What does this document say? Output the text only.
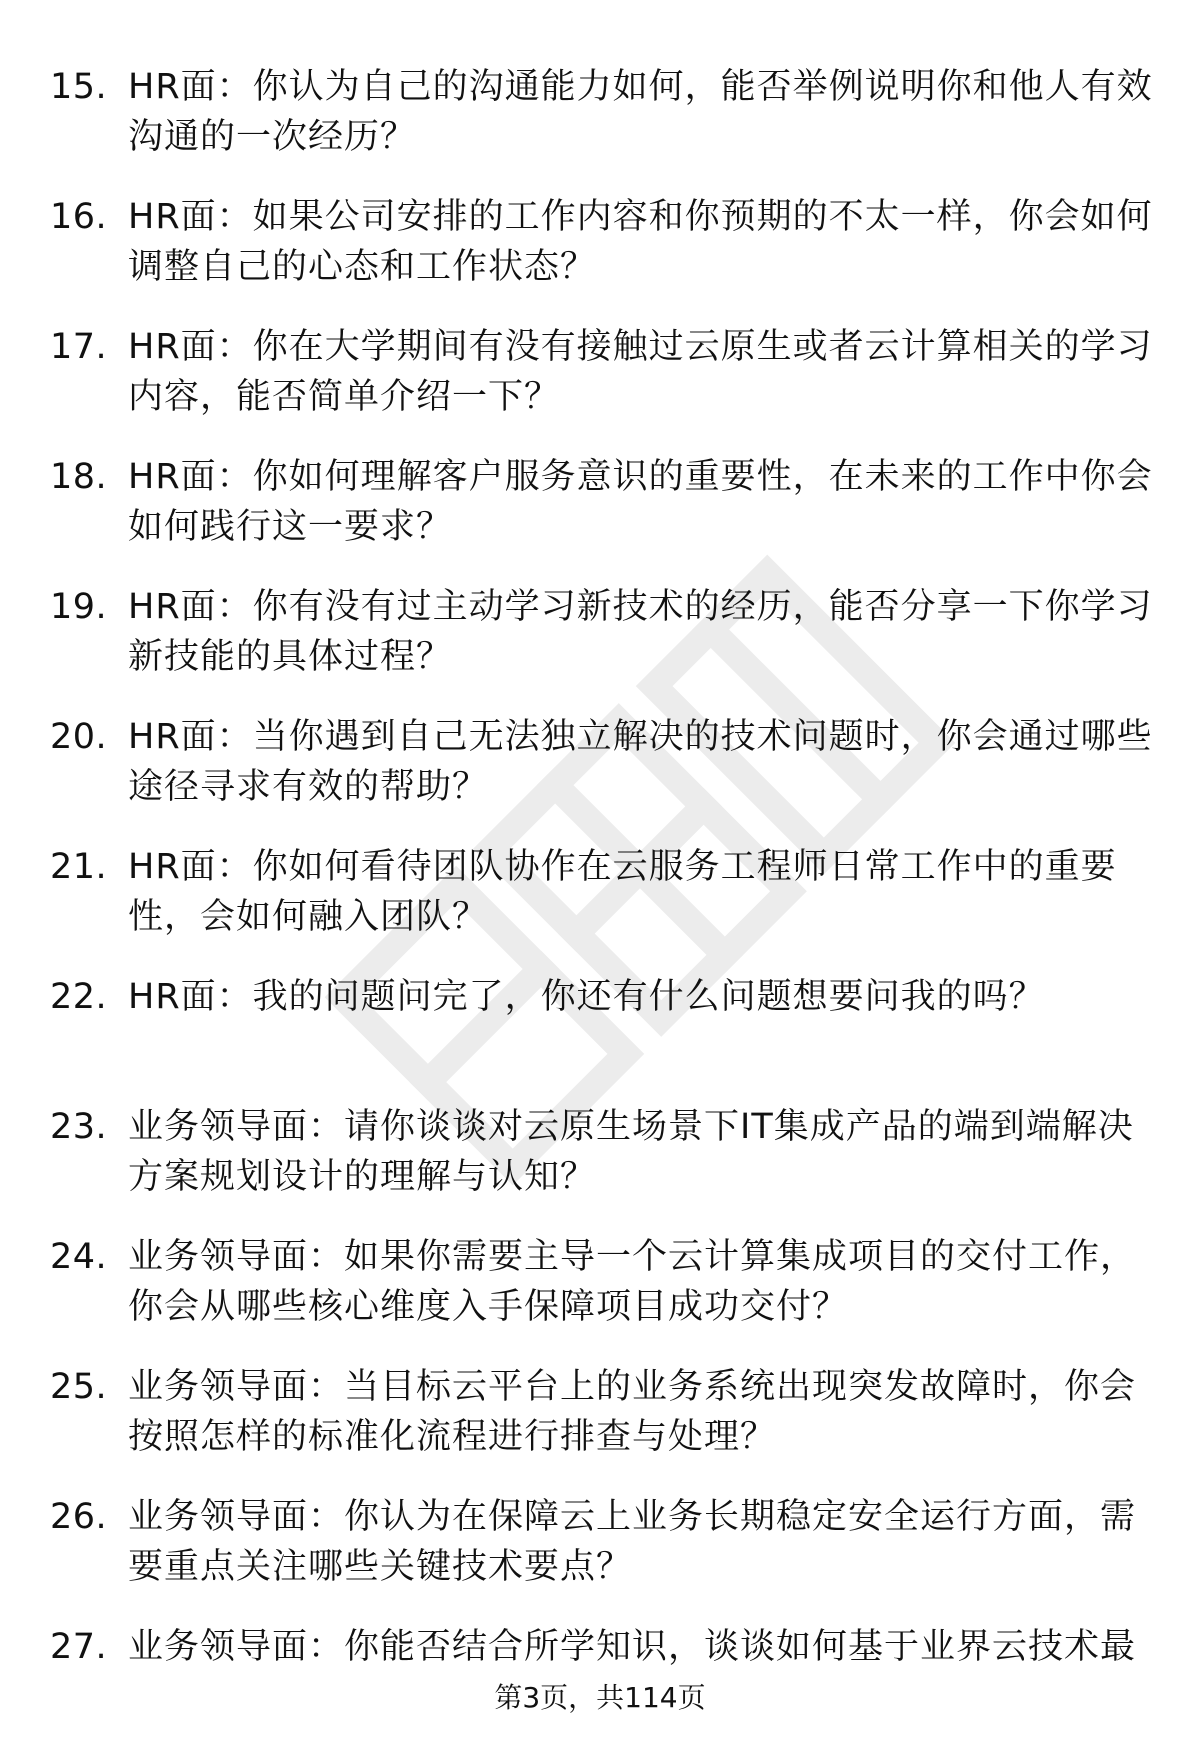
15. HR面：你认为自己的沟通能力如何，能否举例说明你和他人有效沟通的一次经历？

16. HR面：如果公司安排的工作内容和你预期的不太一样，你会如何调整自己的心态和工作状态？

17. HR面：你在大学期间有没有接触过云原生或者云计算相关的学习内容，能否简单介绍一下？

18. HR面：你如何理解客户服务意识的重要性，在未来的工作中你会如何践行这一要求？

19. HR面：你有没有过主动学习新技术的经历，能否分享一下你学习新技能的具体过程？

20. HR面：当你遇到自己无法独立解决的技术问题时，你会通过哪些途径寻求有效的帮助？

21. HR面：你如何看待团队协作在云服务工程师日常工作中的重要性，会如何融入团队？

22. HR面：我的问题问完了，你还有什么问题想要问我的吗？

23. 业务领导面：请你谈谈对云原生场景下IT集成产品的端到端解决方案规划设计的理解与认知？

24. 业务领导面：如果你需要主导一个云计算集成项目的交付工作，你会从哪些核心维度入手保障项目成功交付？

25. 业务领导面：当目标云平台上的业务系统出现突发故障时，你会按照怎样的标准化流程进行排查与处理？

26. 业务领导面：你认为在保障云上业务长期稳定安全运行方面，需要重点关注哪些关键技术要点？

27. 业务领导面：你能否结合所学知识，谈谈如何基于业界云技术最

第3页，共114页
